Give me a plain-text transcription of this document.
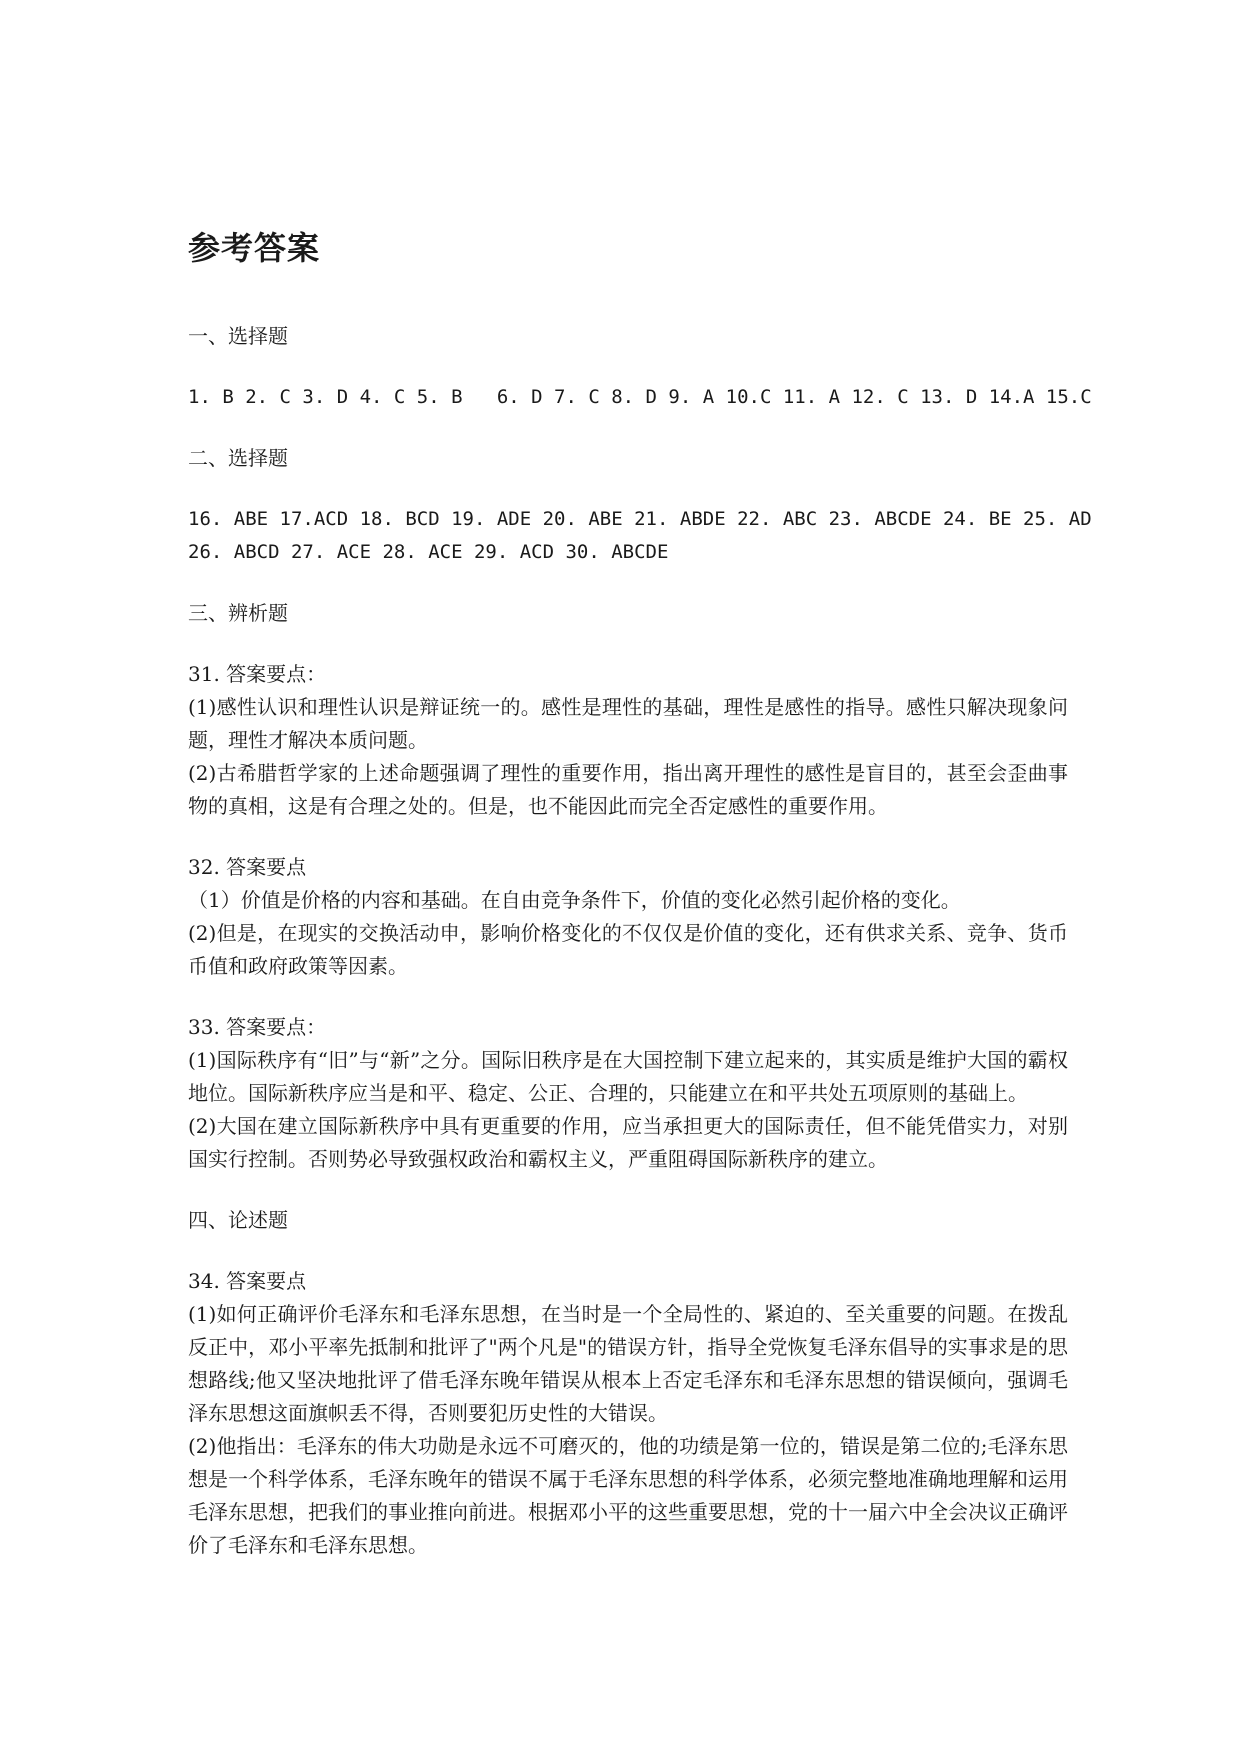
参考答案
一、选择题
1. B 2. C 3. D 4. C 5. B   6. D 7. C 8. D 9. A 10.C 11. A 12. C 13. D 14.A 15.C
二、选择题
16. ABE 17.ACD 18. BCD 19. ADE 20. ABE 21. ABDE 22. ABC 23. ABCDE 24. BE 25. AD
26. ABCD 27. ACE 28. ACE 29. ACD 30. ABCDE
三、辨析题

31. 答案要点：

(1)感性认识和理性认识是辩证统一的。感性是理性的基础，理性是感性的指导。感性只解决现象问题，理性才解决本质问题。

(2)古希腊哲学家的上述命题强调了理性的重要作用，指出离开理性的感性是盲目的，甚至会歪曲事物的真相，这是有合理之处的。但是，也不能因此而完全否定感性的重要作用。

32. 答案要点

（1）价值是价格的内容和基础。在自由竞争条件下，价值的变化必然引起价格的变化。

(2)但是，在现实的交换活动申，影响价格变化的不仅仅是价值的变化，还有供求关系、竞争、货币币值和政府政策等因素。

33. 答案要点：

(1)国际秩序有“旧”与“新”之分。国际旧秩序是在大国控制下建立起来的，其实质是维护大国的霸权地位。国际新秩序应当是和平、稳定、公正、合理的，只能建立在和平共处五项原则的基础上。

(2)大国在建立国际新秩序中具有更重要的作用，应当承担更大的国际责任，但不能凭借实力，对别国实行控制。否则势必导致强权政治和霸权主义，严重阻碍国际新秩序的建立。

四、论述题

34. 答案要点

(1)如何正确评价毛泽东和毛泽东思想，在当时是一个全局性的、紧迫的、至关重要的问题。在拨乱反正中，邓小平率先抵制和批评了"两个凡是"的错误方针，指导全党恢复毛泽东倡导的实事求是的思想路线;他又坚决地批评了借毛泽东晚年错误从根本上否定毛泽东和毛泽东思想的错误倾向，强调毛泽东思想这面旗帜丢不得，否则要犯历史性的大错误。

(2)他指出：毛泽东的伟大功勋是永远不可磨灭的，他的功绩是第一位的，错误是第二位的;毛泽东思想是一个科学体系，毛泽东晚年的错误不属于毛泽东思想的科学体系，必须完整地准确地理解和运用毛泽东思想，把我们的事业推向前进。根据邓小平的这些重要思想，党的十一届六中全会决议正确评价了毛泽东和毛泽东思想。
